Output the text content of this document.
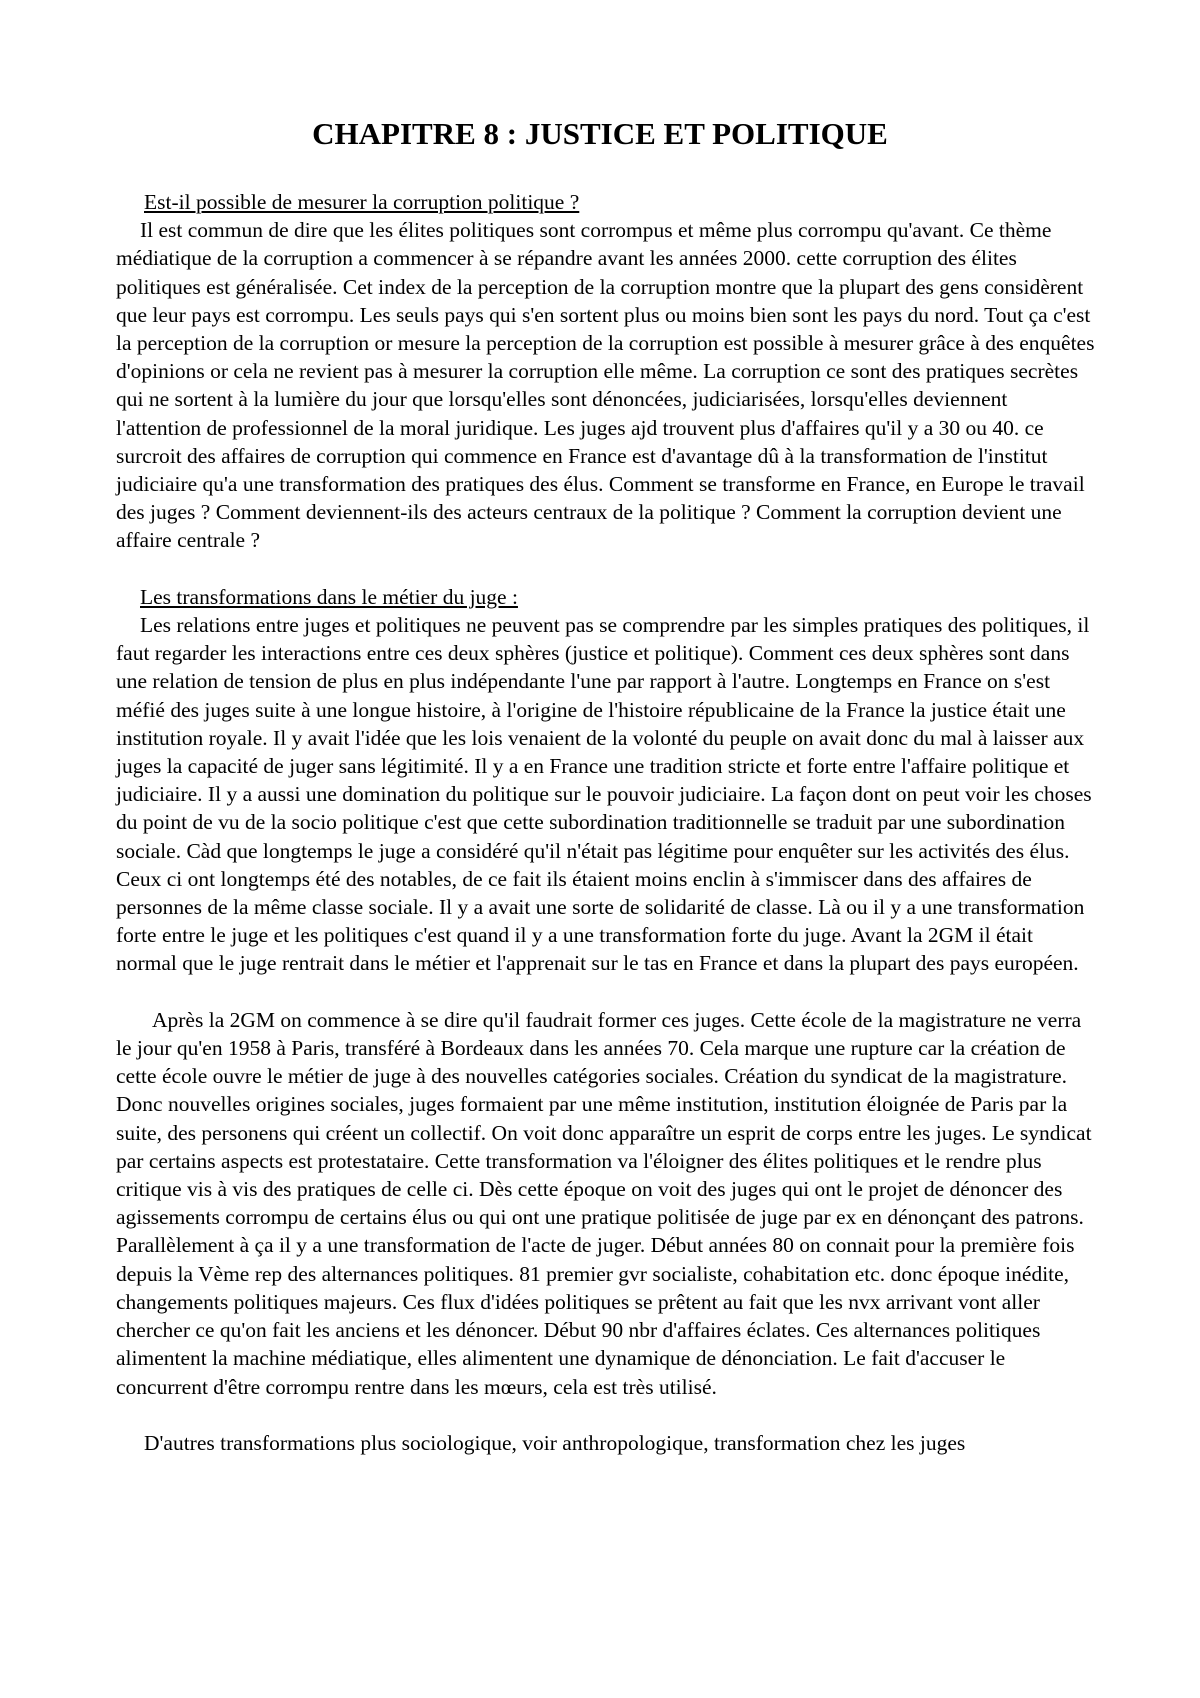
CHAPITRE 8 : JUSTICE ET POLITIQUE
Est-il possible de mesurer la corruption politique ?

Il est commun de dire que les élites politiques sont corrompus et même plus corrompu qu'avant. Ce thème médiatique de la corruption a commencer à se répandre avant les années 2000. cette corruption des élites politiques est généralisée. Cet index de la perception de la corruption montre que la plupart des gens considèrent que leur pays est corrompu. Les seuls pays qui s'en sortent plus ou moins bien sont les pays du nord. Tout ça c'est la perception de la corruption or mesure la perception de la corruption est possible à mesurer grâce à des enquêtes d'opinions or cela ne revient pas à mesurer la corruption elle même. La corruption ce sont des pratiques secrètes qui ne sortent à la lumière du jour que lorsqu'elles sont dénoncées, judiciarisées, lorsqu'elles deviennent l'attention de professionnel de la moral juridique. Les juges ajd trouvent plus d'affaires qu'il y a 30 ou 40. ce surcroit des affaires de corruption qui commence en France est d'avantage dû à la transformation de l'institut judiciaire qu'a une transformation des pratiques des élus. Comment se transforme en France, en Europe le travail des juges ? Comment deviennent-ils des acteurs centraux de la politique ? Comment la corruption devient une affaire centrale ?

Les transformations dans le métier du juge :

Les relations entre juges et politiques ne peuvent pas se comprendre par les simples pratiques des politiques, il faut regarder les interactions entre ces deux sphères (justice et politique). Comment ces deux sphères sont dans une relation de tension de plus en plus indépendante l'une par rapport à l'autre. Longtemps en France on s'est méfié des juges suite à une longue histoire, à l'origine de l'histoire républicaine de la France la justice était une institution royale. Il y avait l'idée que les lois venaient de la volonté du peuple on avait donc du mal à laisser aux juges la capacité de juger sans légitimité. Il y a en France une tradition stricte et forte entre l'affaire politique et judiciaire. Il y a aussi une domination du politique sur le pouvoir judiciaire. La façon dont on peut voir les choses du point de vu de la socio politique c'est que cette subordination traditionnelle se traduit par une subordination sociale. Càd que longtemps le juge a considéré qu'il n'était pas légitime pour enquêter sur les activités des élus. Ceux ci ont longtemps été des notables, de ce fait ils étaient moins enclin à s'immiscer dans des affaires de personnes de la même classe sociale. Il y a avait une sorte de solidarité de classe. Là ou il y a une transformation forte entre le juge et les politiques c'est quand il y a une transformation forte du juge. Avant la 2GM il était normal que le juge rentrait dans le métier et l'apprenait sur le tas en France et dans la plupart des pays européen.

Après la 2GM on commence à se dire qu'il faudrait former ces juges. Cette école de la magistrature ne verra le jour qu'en 1958 à Paris, transféré à Bordeaux dans les années 70. Cela marque une rupture car la création de cette école ouvre le métier de juge à des nouvelles catégories sociales. Création du syndicat de la magistrature. Donc nouvelles origines sociales, juges formaient par une même institution, institution éloignée de Paris par la suite, des personens qui créent un collectif. On voit donc apparaître un esprit de corps entre les juges. Le syndicat par certains aspects est protestataire. Cette transformation va l'éloigner des élites politiques et le rendre plus critique vis à vis des pratiques de celle ci. Dès cette époque on voit des juges qui ont le projet de dénoncer des agissements corrompu de certains élus ou qui ont une pratique politisée de juge par ex en dénonçant des patrons. Parallèlement à ça il y a une transformation de l'acte de juger. Début années 80 on connait pour la première fois depuis la Vème rep des alternances politiques. 81 premier gvr socialiste, cohabitation etc. donc époque inédite, changements politiques majeurs. Ces flux d'idées politiques se prêtent au fait que les nvx arrivant vont aller chercher ce qu'on fait les anciens et les dénoncer. Début 90 nbr d'affaires éclates. Ces alternances politiques alimentent la machine médiatique, elles alimentent une dynamique de dénonciation. Le fait d'accuser le concurrent d'être corrompu rentre dans les mœurs, cela est très utilisé.

D'autres transformations plus sociologique, voir anthropologique, transformation chez les juges
